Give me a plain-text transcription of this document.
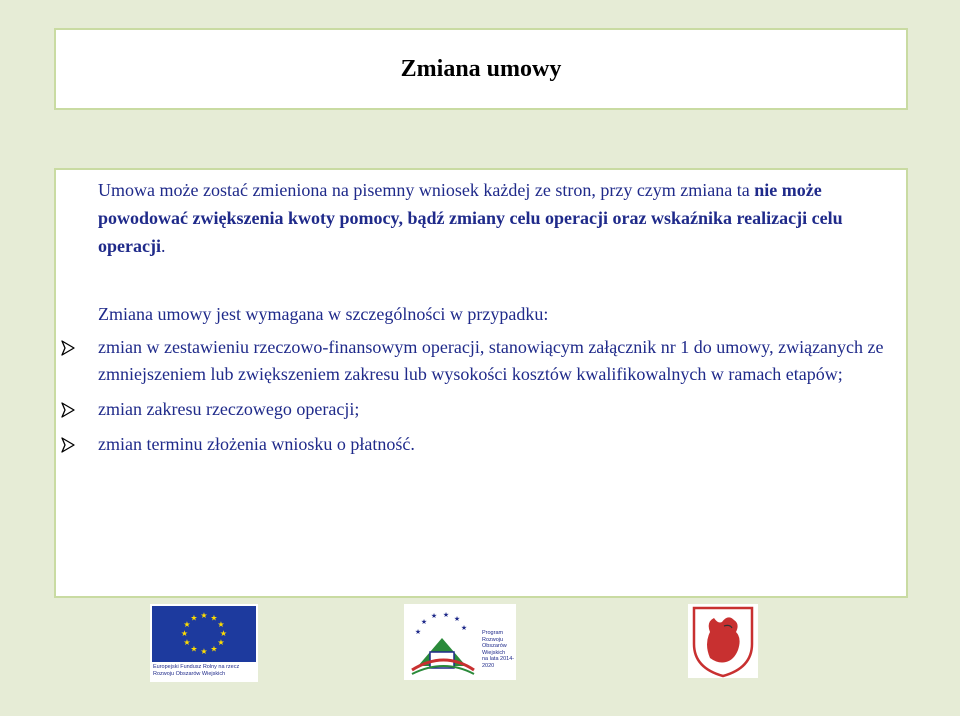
Zmiana umowy
Umowa może zostać zmieniona na pisemny wniosek każdej ze stron, przy czym zmiana ta nie może powodować zwiększenia kwoty pomocy, bądź zmiany celu operacji oraz wskaźnika realizacji celu operacji.
Zmiana umowy jest wymagana w szczególności w przypadku:
zmian w zestawieniu rzeczowo-finansowym operacji, stanowiącym załącznik nr 1 do umowy, związanych ze zmniejszeniem lub zwiększeniem zakresu lub wysokości kosztów kwalifikowalnych w ramach etapów;
zmian zakresu rzeczowego operacji;
zmian terminu złożenia wniosku o płatność.
★ ★
★
★
★
★
★
★
★
★
★
★
Europejski Fundusz Rolny na rzecz Rozwoju Obszarów Wiejskich
★
★
★ ★ ★
★
Program Rozwoju Obszarów Wiejskich
na lata 2014-2020
